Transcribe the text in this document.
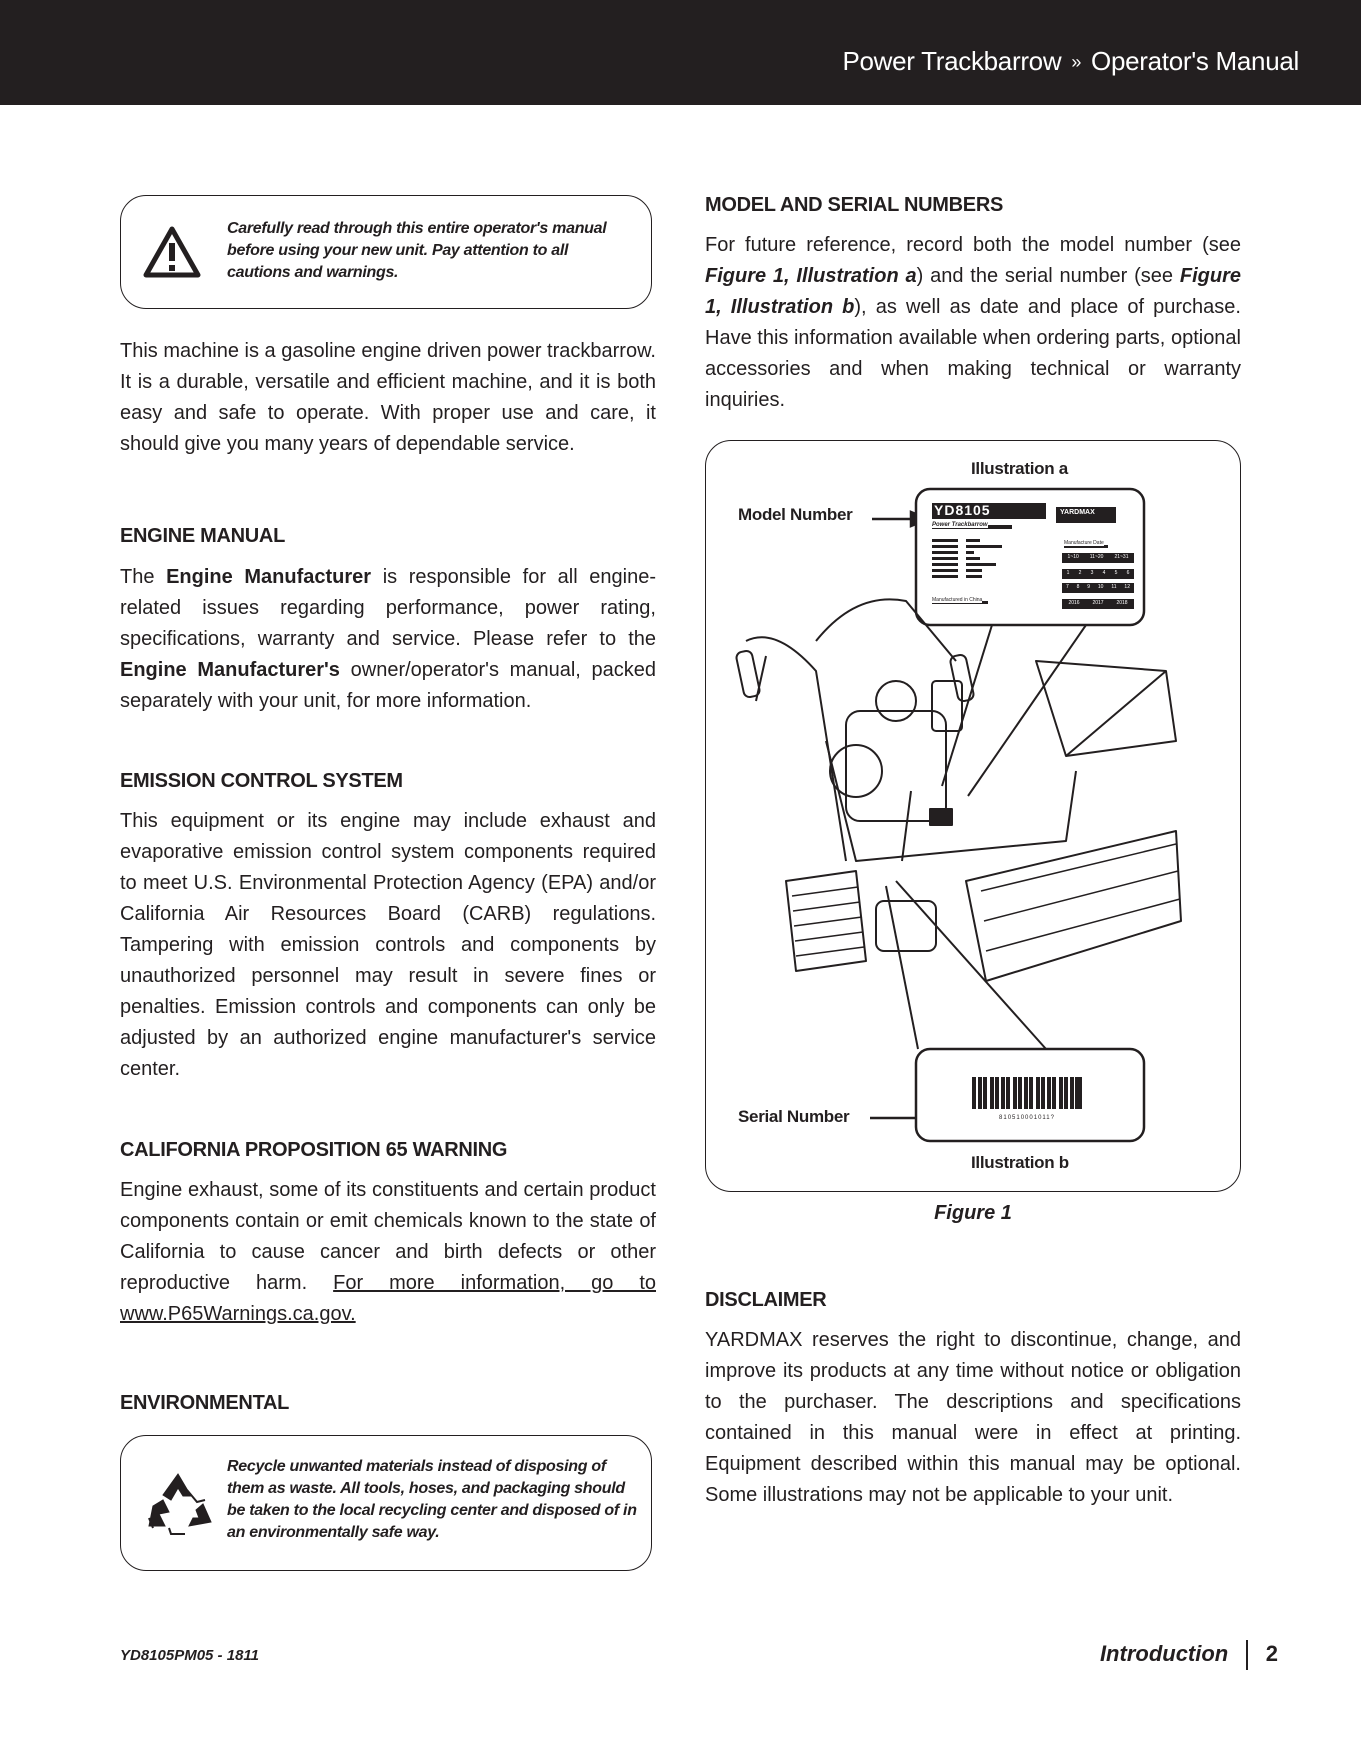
Power Trackbarrow » Operator's Manual
Carefully read through this entire operator's manual before using your new unit. Pay attention to all cautions and warnings.

This machine is a gasoline engine driven power trackbarrow. It is a durable, versatile and efficient machine, and it is both easy and safe to operate. With proper use and care, it should give you many years of dependable service.

ENGINE MANUAL

The Engine Manufacturer is responsible for all engine-related issues regarding performance, power rating, specifications, warranty and service. Please refer to the Engine Manufacturer's owner/operator's manual, packed separately with your unit, for more information.

EMISSION CONTROL SYSTEM

This equipment or its engine may include exhaust and evaporative emission control system components required to meet U.S. Environmental Protection Agency (EPA) and/or California Air Resources Board (CARB) regulations. Tampering with emission controls and components by unauthorized personnel may result in severe fines or penalties. Emission controls and components can only be adjusted by an authorized engine manufacturer's service center.

CALIFORNIA PROPOSITION 65 WARNING

Engine exhaust, some of its constituents and certain product components contain or emit chemicals known to the state of California to cause cancer and birth defects or other reproductive harm. For more information, go to www.P65Warnings.ca.gov.

ENVIRONMENTAL
Recycle unwanted materials instead of disposing of them as waste. All tools, hoses, and packaging should be taken to the local recycling center and disposed of in an environmentally safe way.
MODEL AND SERIAL NUMBERS

For future reference, record both the model number (see Figure 1, Illustration a) and the serial number (see Figure 1, Illustration b), as well as date and place of purchase. Have this information available when ordering parts, optional accessories and when making technical or warranty inquiries.

Illustration a
Model Number
Serial Number
Illustration b
YD8105
Power Trackbarrow
YARDMAX
Manufacture Date
Manufactured in China
1~10 11~20 21~31
1 2 3 4 5 6
7 8 9 10 11 12
2016	2017	2018
810510001011?
Figure 1
DISCLAIMER

YARDMAX reserves the right to discontinue, change, and improve its products at any time without notice or obligation to the purchaser. The descriptions and specifications contained in this manual were in effect at printing. Equipment described within this manual may be optional. Some illustrations may not be applicable to your unit.

YD8105PM05 - 1811	Introduction 2
